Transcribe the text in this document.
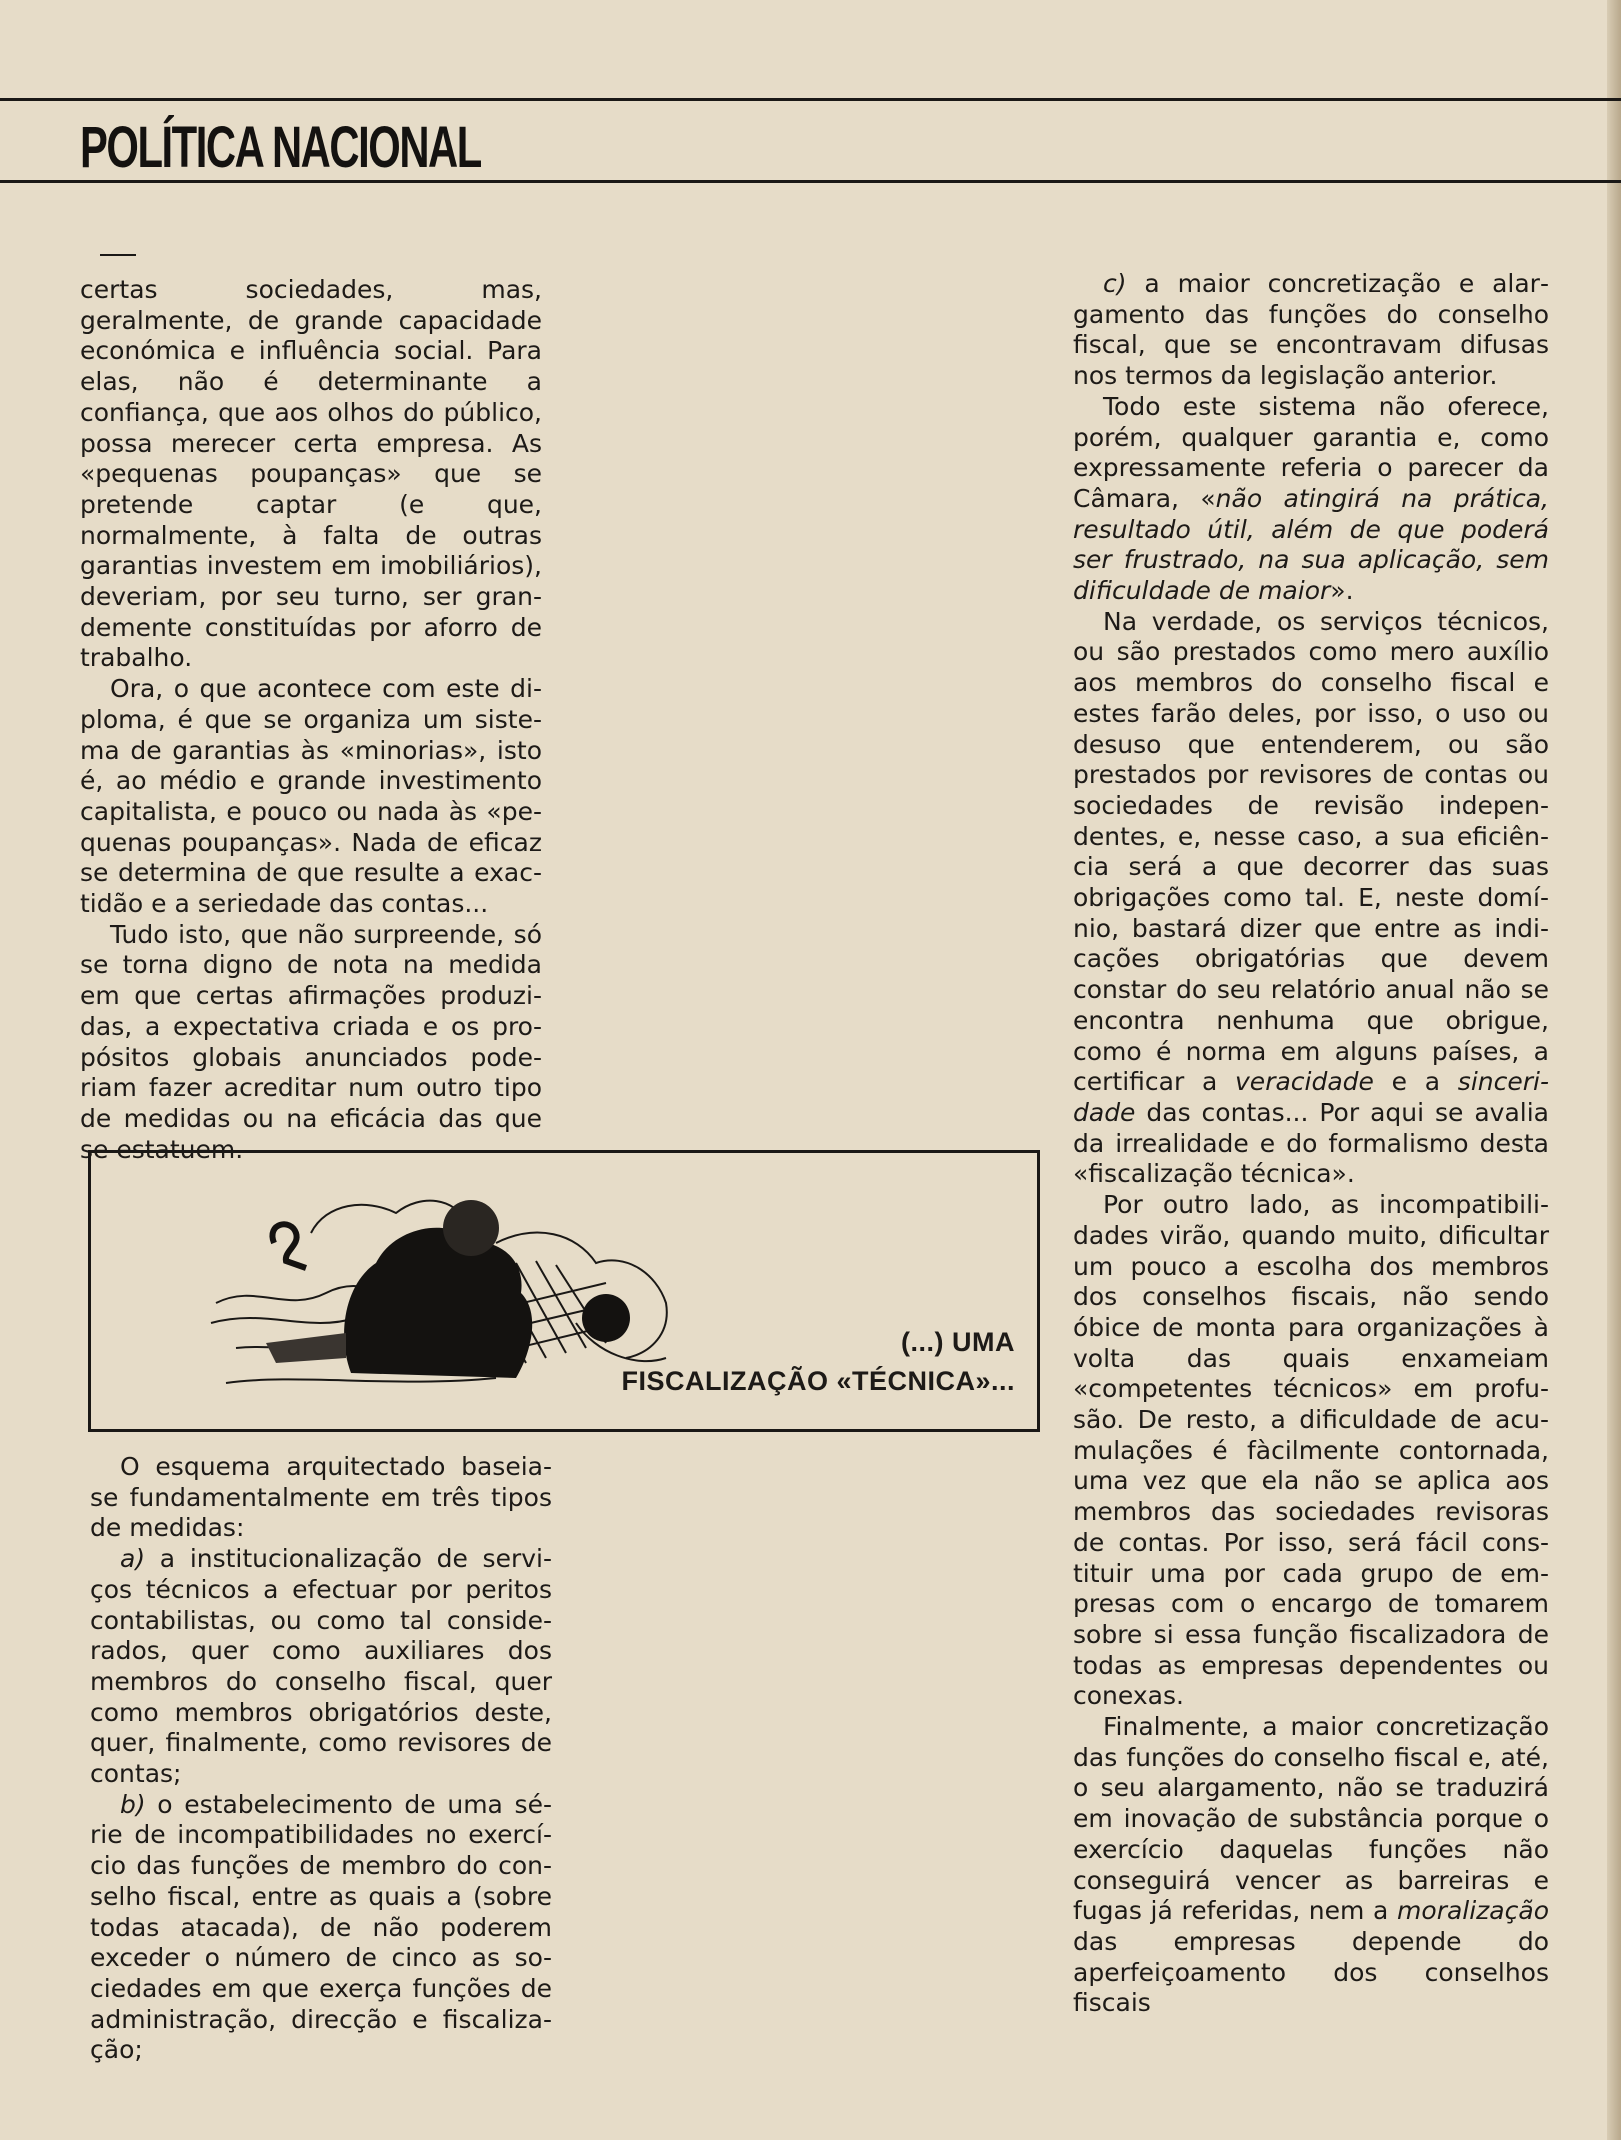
POLÍTICA NACIONAL

certas sociedades, mas, geralmente, de grande capacidade económica e influência social. Para elas, não é determinante a confiança, que aos olhos do público, possa merecer certa empresa. As «pequenas poupanças» que se pretende captar (e que, normalmente, à falta de outras garantias investem em imobiliários), deveriam, por seu turno, ser grandemente constituídas por aforro de trabalho.

Ora, o que acontece com este diploma, é que se organiza um sistema de garantias às «minorias», isto é, ao médio e grande investimento capitalista, e pouco ou nada às «pequenas poupanças». Nada de eficaz se determina de que resulte a exactidão e a seriedade das contas...

Tudo isto, que não surpreende, só se torna digno de nota na medida em que certas afirmações produzidas, a expectativa criada e os propósitos globais anunciados poderiam fazer acreditar num outro tipo de medidas ou na eficácia das que se estatuem.

(...) UMA
FISCALIZAÇÃO «TÉCNICA»...

O esquema arquitectado baseia-se fundamentalmente em três tipos de medidas:

a) a institucionalização de serviços técnicos a efectuar por peritos contabilistas, ou como tal considerados, quer como auxiliares dos membros do conselho fiscal, quer como membros obrigatórios deste, quer, finalmente, como revisores de contas;

b) o estabelecimento de uma série de incompatibilidades no exercício das funções de membro do conselho fiscal, entre as quais a (sobre todas atacada), de não poderem exceder o número de cinco as sociedades em que exerça funções de administração, direcção e fiscalização;

c) a maior concretização e alargamento das funções do conselho fiscal, que se encontravam difusas nos termos da legislação anterior.

Todo este sistema não oferece, porém, qualquer garantia e, como expressamente referia o parecer da Câmara, «não atingirá na prática, resultado útil, além de que poderá ser frustrado, na sua aplicação, sem dificuldade de maior».

Na verdade, os serviços técnicos, ou são prestados como mero auxílio aos membros do conselho fiscal e estes farão deles, por isso, o uso ou desuso que entenderem, ou são prestados por revisores de contas ou sociedades de revisão independentes, e, nesse caso, a sua eficiência será a que decorrer das suas obrigações como tal. E, neste domínio, bastará dizer que entre as indicações obrigatórias que devem constar do seu relatório anual não se encontra nenhuma que obrigue, como é norma em alguns países, a certificar a veracidade e a sinceridade das contas... Por aqui se avalia da irrealidade e do formalismo desta «fiscalização técnica».

Por outro lado, as incompatibilidades virão, quando muito, dificultar um pouco a escolha dos membros dos conselhos fiscais, não sendo óbice de monta para organizações à volta das quais enxameiam «competentes técnicos» em profusão. De resto, a dificuldade de acumulações é fàcilmente contornada, uma vez que ela não se aplica aos membros das sociedades revisoras de contas. Por isso, será fácil constituir uma por cada grupo de empresas com o encargo de tomarem sobre si essa função fiscalizadora de todas as empresas dependentes ou conexas.

Finalmente, a maior concretização das funções do conselho fiscal e, até, o seu alargamento, não se traduzirá em inovação de substância porque o exercício daquelas funções não conseguirá vencer as barreiras e fugas já referidas, nem a moralização das empresas depende do aperfeiçoamento dos conselhos fiscais
